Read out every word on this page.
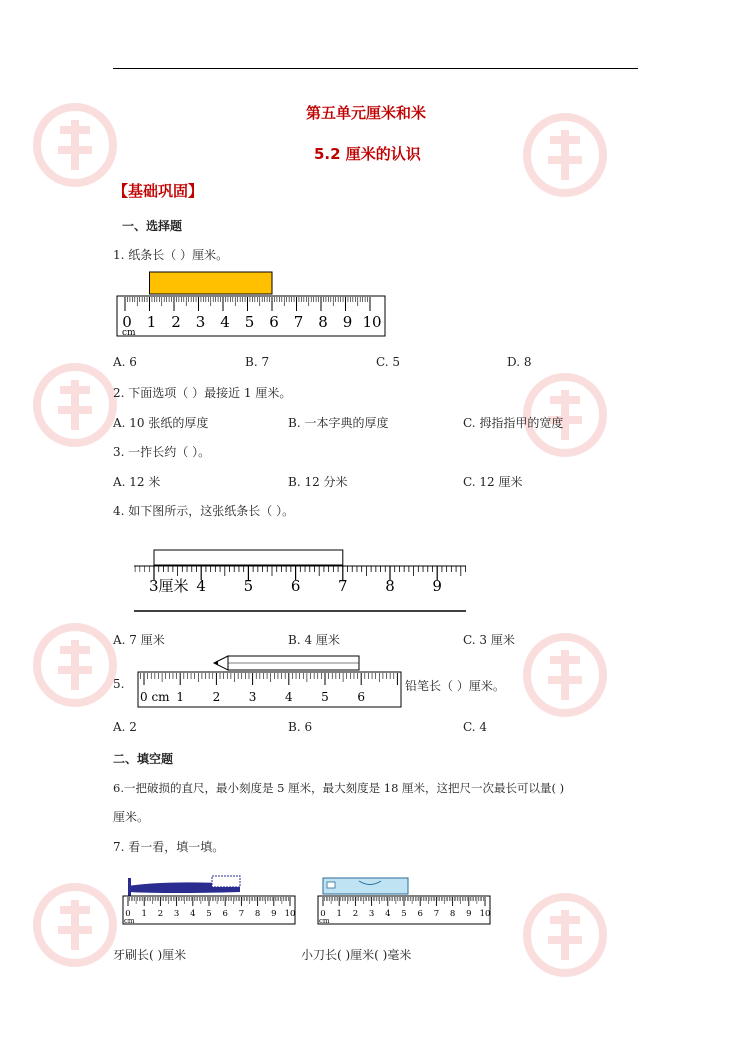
第五单元厘米和米
5.2 厘米的认识
【基础巩固】
一、选择题
1. 纸条长（ ）厘米。
0 1 2 3 4 5 6 7 8 9 10
cm
A. 6	B. 7	C. 5	D. 8
2. 下面选项（ ）最接近 1 厘米。
A. 10 张纸的厚度	B. 一本字典的厚度	C. 拇指指甲的宽度
3. 一拃长约（ ）。
A. 12 米	B. 12 分米	C. 12 厘米
4. 如下图所示，这张纸条长（ ）。
3厘米 4	5	6	7	8	9
A. 7 厘米	B. 4 厘米	C. 3 厘米
5.
0 cm 1 2 3 4 5 6
铅笔长（ ）厘米。
A. 2	B. 6	C. 4
二、填空题
6.一把破损的直尺，最小刻度是 5 厘米，最大刻度是 18 厘米，这把尺一次最长可以量( )
厘米。
7. 看一看，填一填。
0 1 2 3 4 5 6 7 8 9 10
cm
0 1 2 3 4 5 6 7 8 9 10
cm
牙刷长( )厘米	小刀长( )厘米( )毫米
